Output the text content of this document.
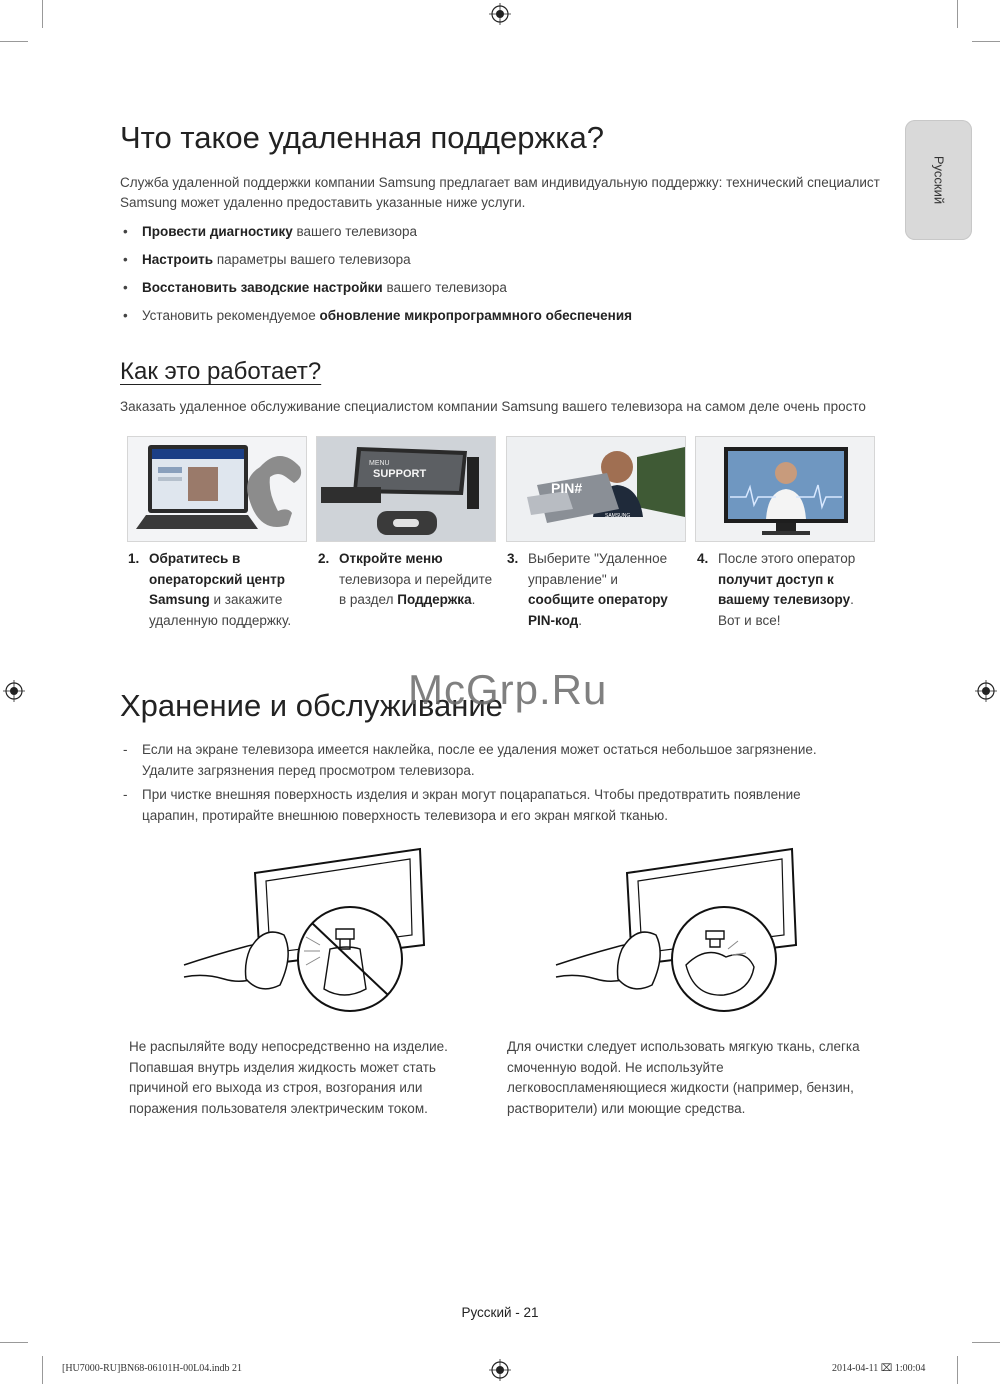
Русский
Что такое удаленная поддержка?
Служба удаленной поддержки компании Samsung предлагает вам индивидуальную поддержку: технический специалист Samsung может удаленно предоставить указанные ниже услуги.
• Провести диагностику вашего телевизора
• Настроить параметры вашего телевизора
• Восстановить заводские настройки вашего телевизора
• Установить рекомендуемое обновление микропрограммного обеспечения
Как это работает?
Заказать удаленное обслуживание специалистом компании Samsung вашего телевизора на самом деле очень просто
MENU
SUPPORT
PIN#
SAMSUNG
1. Обратитесь в операторский центр Samsung и закажите удаленную поддержку.
2. Откройте меню телевизора и перейдите в раздел Поддержка.
3. Выберите "Удаленное управление" и сообщите оператору PIN-код.
4. После этого оператор получит доступ к вашему телевизору. Вот и все!
Хранение и обслуживание
McGrp.Ru
- Если на экране телевизора имеется наклейка, после ее удаления может остаться небольшое загрязнение. Удалите загрязнения перед просмотром телевизора.
- При чистке внешняя поверхность изделия и экран могут поцарапаться. Чтобы предотвратить появление царапин, протирайте внешнюю поверхность телевизора и его экран мягкой тканью.
Не распыляйте воду непосредственно на изделие. Попавшая внутрь изделия жидкость может стать причиной его выхода из строя, возгорания или поражения пользователя электрическим током.
Для очистки следует использовать мягкую ткань, слегка смоченную водой. Не используйте легковоспламеняющиеся жидкости (например, бензин, растворители) или моющие средства.
Русский - 21
[HU7000-RU]BN68-06101H-00L04.indb 21	2014-04-11 ⌧ 1:00:04
